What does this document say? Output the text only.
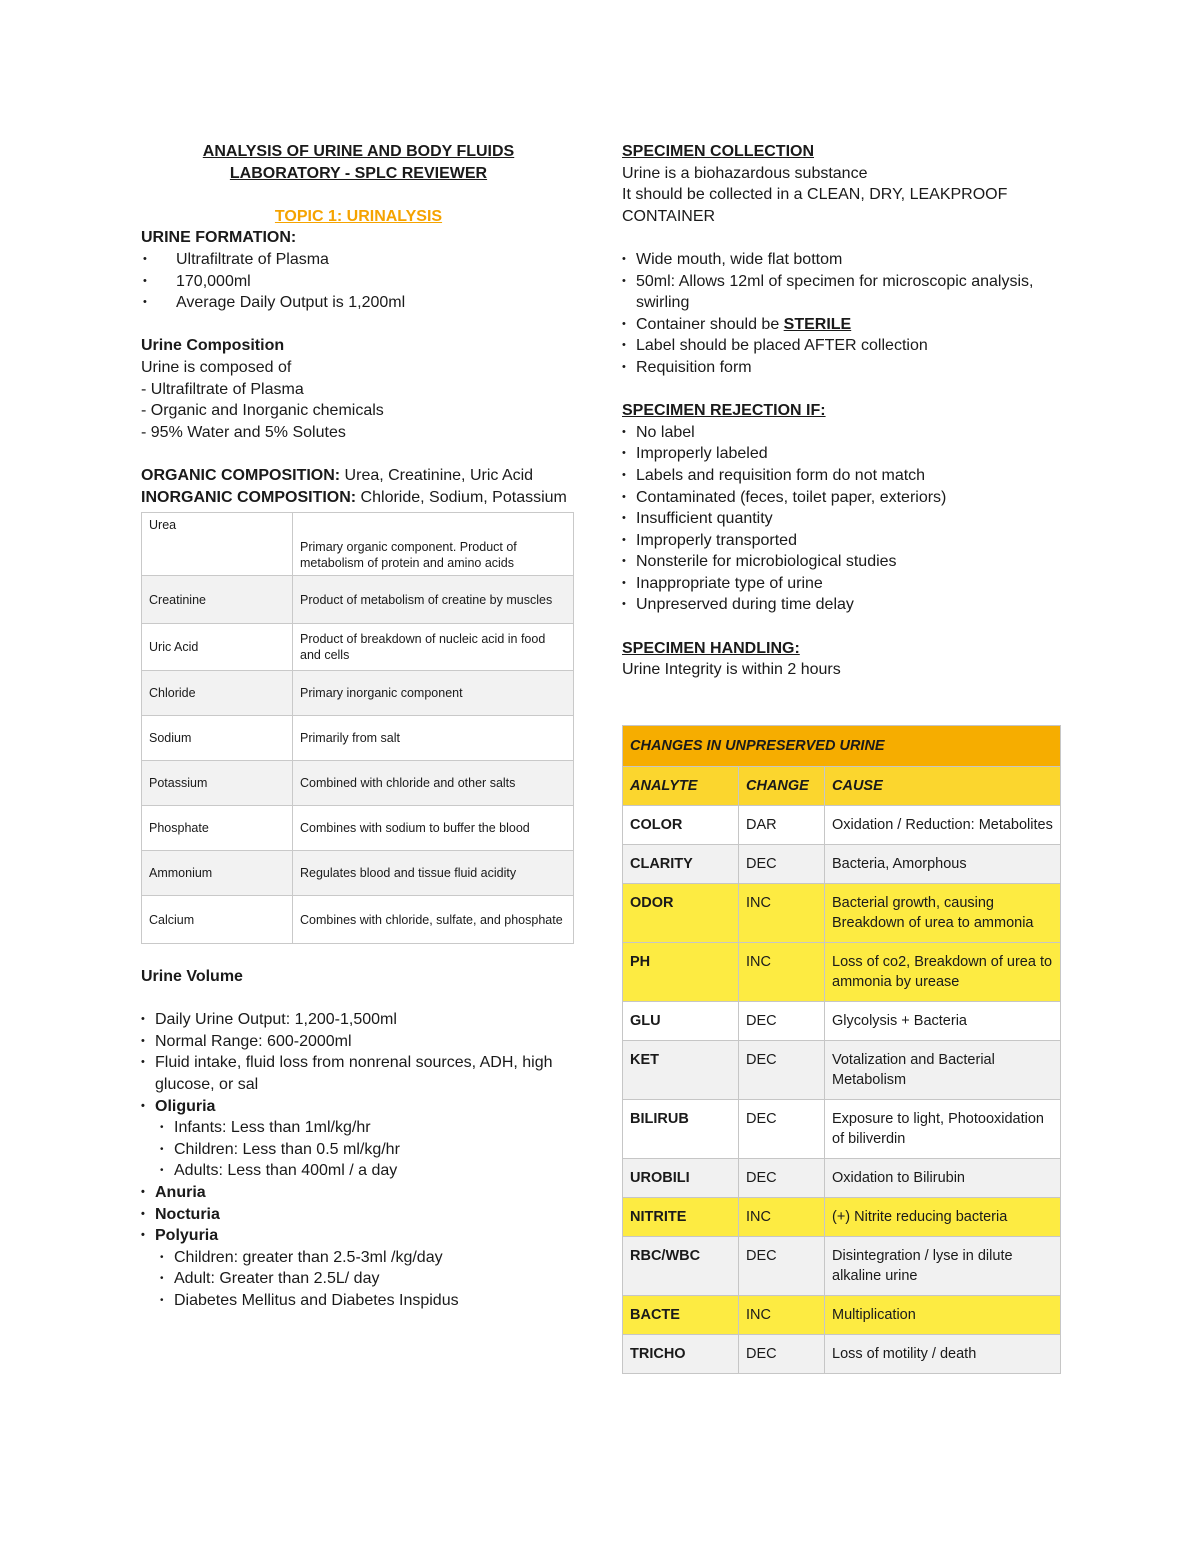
ANALYSIS OF URINE AND BODY FLUIDS

LABORATORY - SPLC REVIEWER

TOPIC 1: URINALYSIS

URINE FORMATION:

• Ultrafiltrate of Plasma
• 170,000ml
• Average Daily Output is 1,200ml

Urine Composition

Urine is composed of

- Ultrafiltrate of Plasma

- Organic and Inorganic chemicals

- 95% Water and 5% Solutes

ORGANIC COMPOSITION: Urea, Creatinine, Uric Acid

INORGANIC COMPOSITION: Chloride, Sodium, Potassium

Urea	Primary organic component. Product of metabolism of protein and amino acids
Creatinine	Product of metabolism of creatine by muscles
Uric Acid	Product of breakdown of nucleic acid in food and cells
Chloride	Primary inorganic component
Sodium	Primarily from salt
Potassium	Combined with chloride and other salts
Phosphate	Combines with sodium to buffer the blood
Ammonium	Regulates blood and tissue fluid acidity
Calcium	Combines with chloride, sulfate, and phosphate

Urine Volume

• Daily Urine Output: 1,200-1,500ml
• Normal Range: 600-2000ml
• Fluid intake, fluid loss from nonrenal sources, ADH, high glucose, or sal
• Oliguria
• Infants: Less than 1ml/kg/hr
• Children: Less than 0.5 ml/kg/hr
• Adults: Less than 400ml / a day
• Anuria
• Nocturia
• Polyuria
• Children: greater than 2.5-3ml /kg/day
• Adult: Greater than 2.5L/ day
• Diabetes Mellitus and Diabetes Inspidus

SPECIMEN COLLECTION

Urine is a biohazardous substance

It should be collected in a CLEAN, DRY, LEAKPROOF CONTAINER

• Wide mouth, wide flat bottom
• 50ml: Allows 12ml of specimen for microscopic analysis, swirling
• Container should be STERILE
• Label should be placed AFTER collection
• Requisition form

SPECIMEN REJECTION IF:

• No label
• Improperly labeled
• Labels and requisition form do not match
• Contaminated (feces, toilet paper, exteriors)
• Insufficient quantity
• Improperly transported
• Nonsterile for microbiological studies
• Inappropriate type of urine
• Unpreserved during time delay

SPECIMEN HANDLING:

Urine Integrity is within 2 hours

CHANGES IN UNPRESERVED URINE		
ANALYTE	CHANGE	CAUSE
COLOR	DAR	Oxidation / Reduction: Metabolites
CLARITY	DEC	Bacteria, Amorphous
ODOR	INC	Bacterial growth, causing Breakdown of urea to ammonia
PH	INC	Loss of co2, Breakdown of urea to ammonia by urease
GLU	DEC	Glycolysis + Bacteria
KET	DEC	Votalization and Bacterial Metabolism
BILIRUB	DEC	Exposure to light, Photooxidation of biliverdin
UROBILI	DEC	Oxidation to Bilirubin
NITRITE	INC	(+) Nitrite reducing bacteria
RBC/WBC	DEC	Disintegration / lyse in dilute alkaline urine
BACTE	INC	Multiplication
TRICHO	DEC	Loss of motility / death
